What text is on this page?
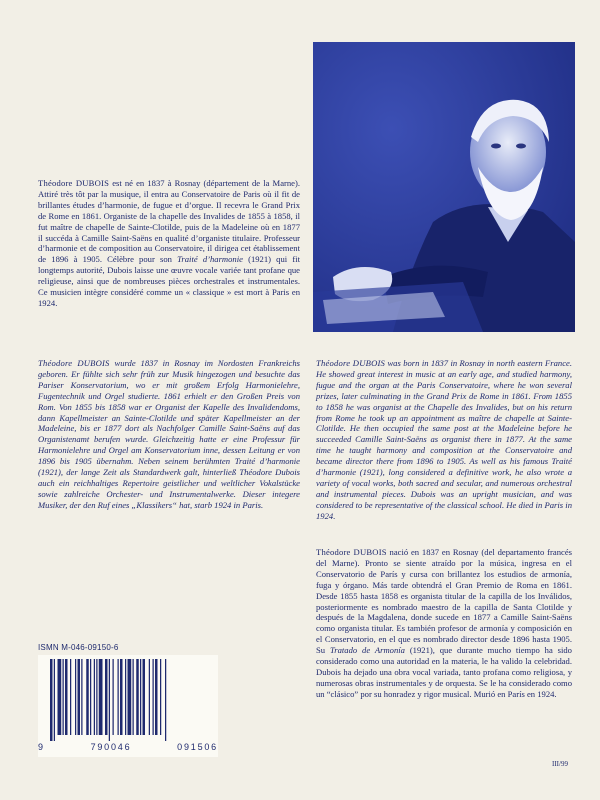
Théodore DUBOIS est né en 1837 à Rosnay (département de la Marne). Attiré très tôt par la musique, il entra au Conservatoire de Paris où il fit de brillantes études d’harmonie, de fugue et d’orgue. Il recevra le Grand Prix de Rome en 1861. Organiste de la chapelle des Invalides de 1855 à 1858, il fut maître de chapelle de Sainte-Clotilde, puis de la Madeleine où en 1877 il succéda à Camille Saint-Saëns en qualité d’organiste titulaire. Professeur d’harmonie et de composition au Conservatoire, il dirigea cet établissement de 1896 à 1905. Célèbre pour son Traité d’harmonie (1921) qui fit longtemps autorité, Dubois laisse une œuvre vocale variée tant profane que religieuse, ainsi que de nombreuses pièces orchestrales et instrumentales. Ce musicien intègre considéré comme un « classique » est mort à Paris en 1924.

Théodore DUBOIS wurde 1837 in Rosnay im Nordosten Frankreichs geboren. Er fühlte sich sehr früh zur Musik hingezogen und besuchte das Pariser Konservatorium, wo er mit großem Erfolg Harmonielehre, Fugentechnik und Orgel studierte. 1861 erhielt er den Großen Preis von Rom. Von 1855 bis 1858 war er Organist der Kapelle des Invalidendoms, dann Kapellmeister an Sainte-Clotilde und später Kapellmeister an der Madeleine, bis er 1877 dort als Nachfolger Camille Saint-Saëns auf das Organistenamt berufen wurde. Gleichzeitig hatte er eine Professur für Harmonielehre und Orgel am Konservatorium inne, dessen Leitung er von 1896 bis 1905 übernahm. Neben seinem berühmten Traité d’harmonie (1921), der lange Zeit als Standardwerk galt, hinterließ Théodore Dubois auch ein reichhaltiges Repertoire geistlicher und weltlicher Vokalstücke sowie zahlreiche Orchester- und Instrumentalwerke. Dieser integere Musiker, der den Ruf eines „Klassikers“ hat, starb 1924 in Paris.

Théodore DUBOIS was born in 1837 in Rosnay in north eastern France. He showed great interest in music at an early age, and studied harmony, fugue and the organ at the Paris Conservatoire, where he won several prizes, later culminating in the Grand Prix de Rome in 1861. From 1855 to 1858 he was organist at the Chapelle des Invalides, but on his return from Rome he took up an appointment as maître de chapelle at Sainte-Clotilde. He then occupied the same post at the Madeleine before he succeeded Camille Saint-Saëns as organist there in 1877. At the same time he taught harmony and composition at the Conservatoire and became director there from 1896 to 1905. As well as his famous Traité d’harmonie (1921), long considered a definitive work, he also wrote a variety of vocal works, both sacred and secular, and numerous orchestral and instrumental pieces. Dubois was an upright musician, and was considered to be representative of the classical school. He died in Paris in 1924.

Théodore DUBOIS nació en 1837 en Rosnay (del departamento francés del Marne). Pronto se siente atraído por la música, ingresa en el Conservatorio de París y cursa con brillantez los estudios de armonía, fuga y órgano. Más tarde obtendrá el Gran Premio de Roma en 1861. Desde 1855 hasta 1858 es organista titular de la capilla de los Inválidos, posteriormente es nombrado maestro de la capilla de Santa Clotilde y después de la Magdalena, donde sucede en 1877 a Camille Saint-Saëns como organista titular. Es también profesor de armonía y composición en el Conservatorio, en el que es nombrado director desde 1896 hasta 1905. Su Tratado de Armonía (1921), que durante mucho tiempo ha sido considerado como una autoridad en la materia, le ha valido la celebridad. Dubois ha dejado una obra vocal variada, tanto profana como religiosa, y numerosas obras instrumentales y de orquesta. Se le ha considerado como un “clásico” por su honradez y rigor musical. Murió en París en 1924.

ISMN M-046-09150-6
9	790046	091506
III/99
